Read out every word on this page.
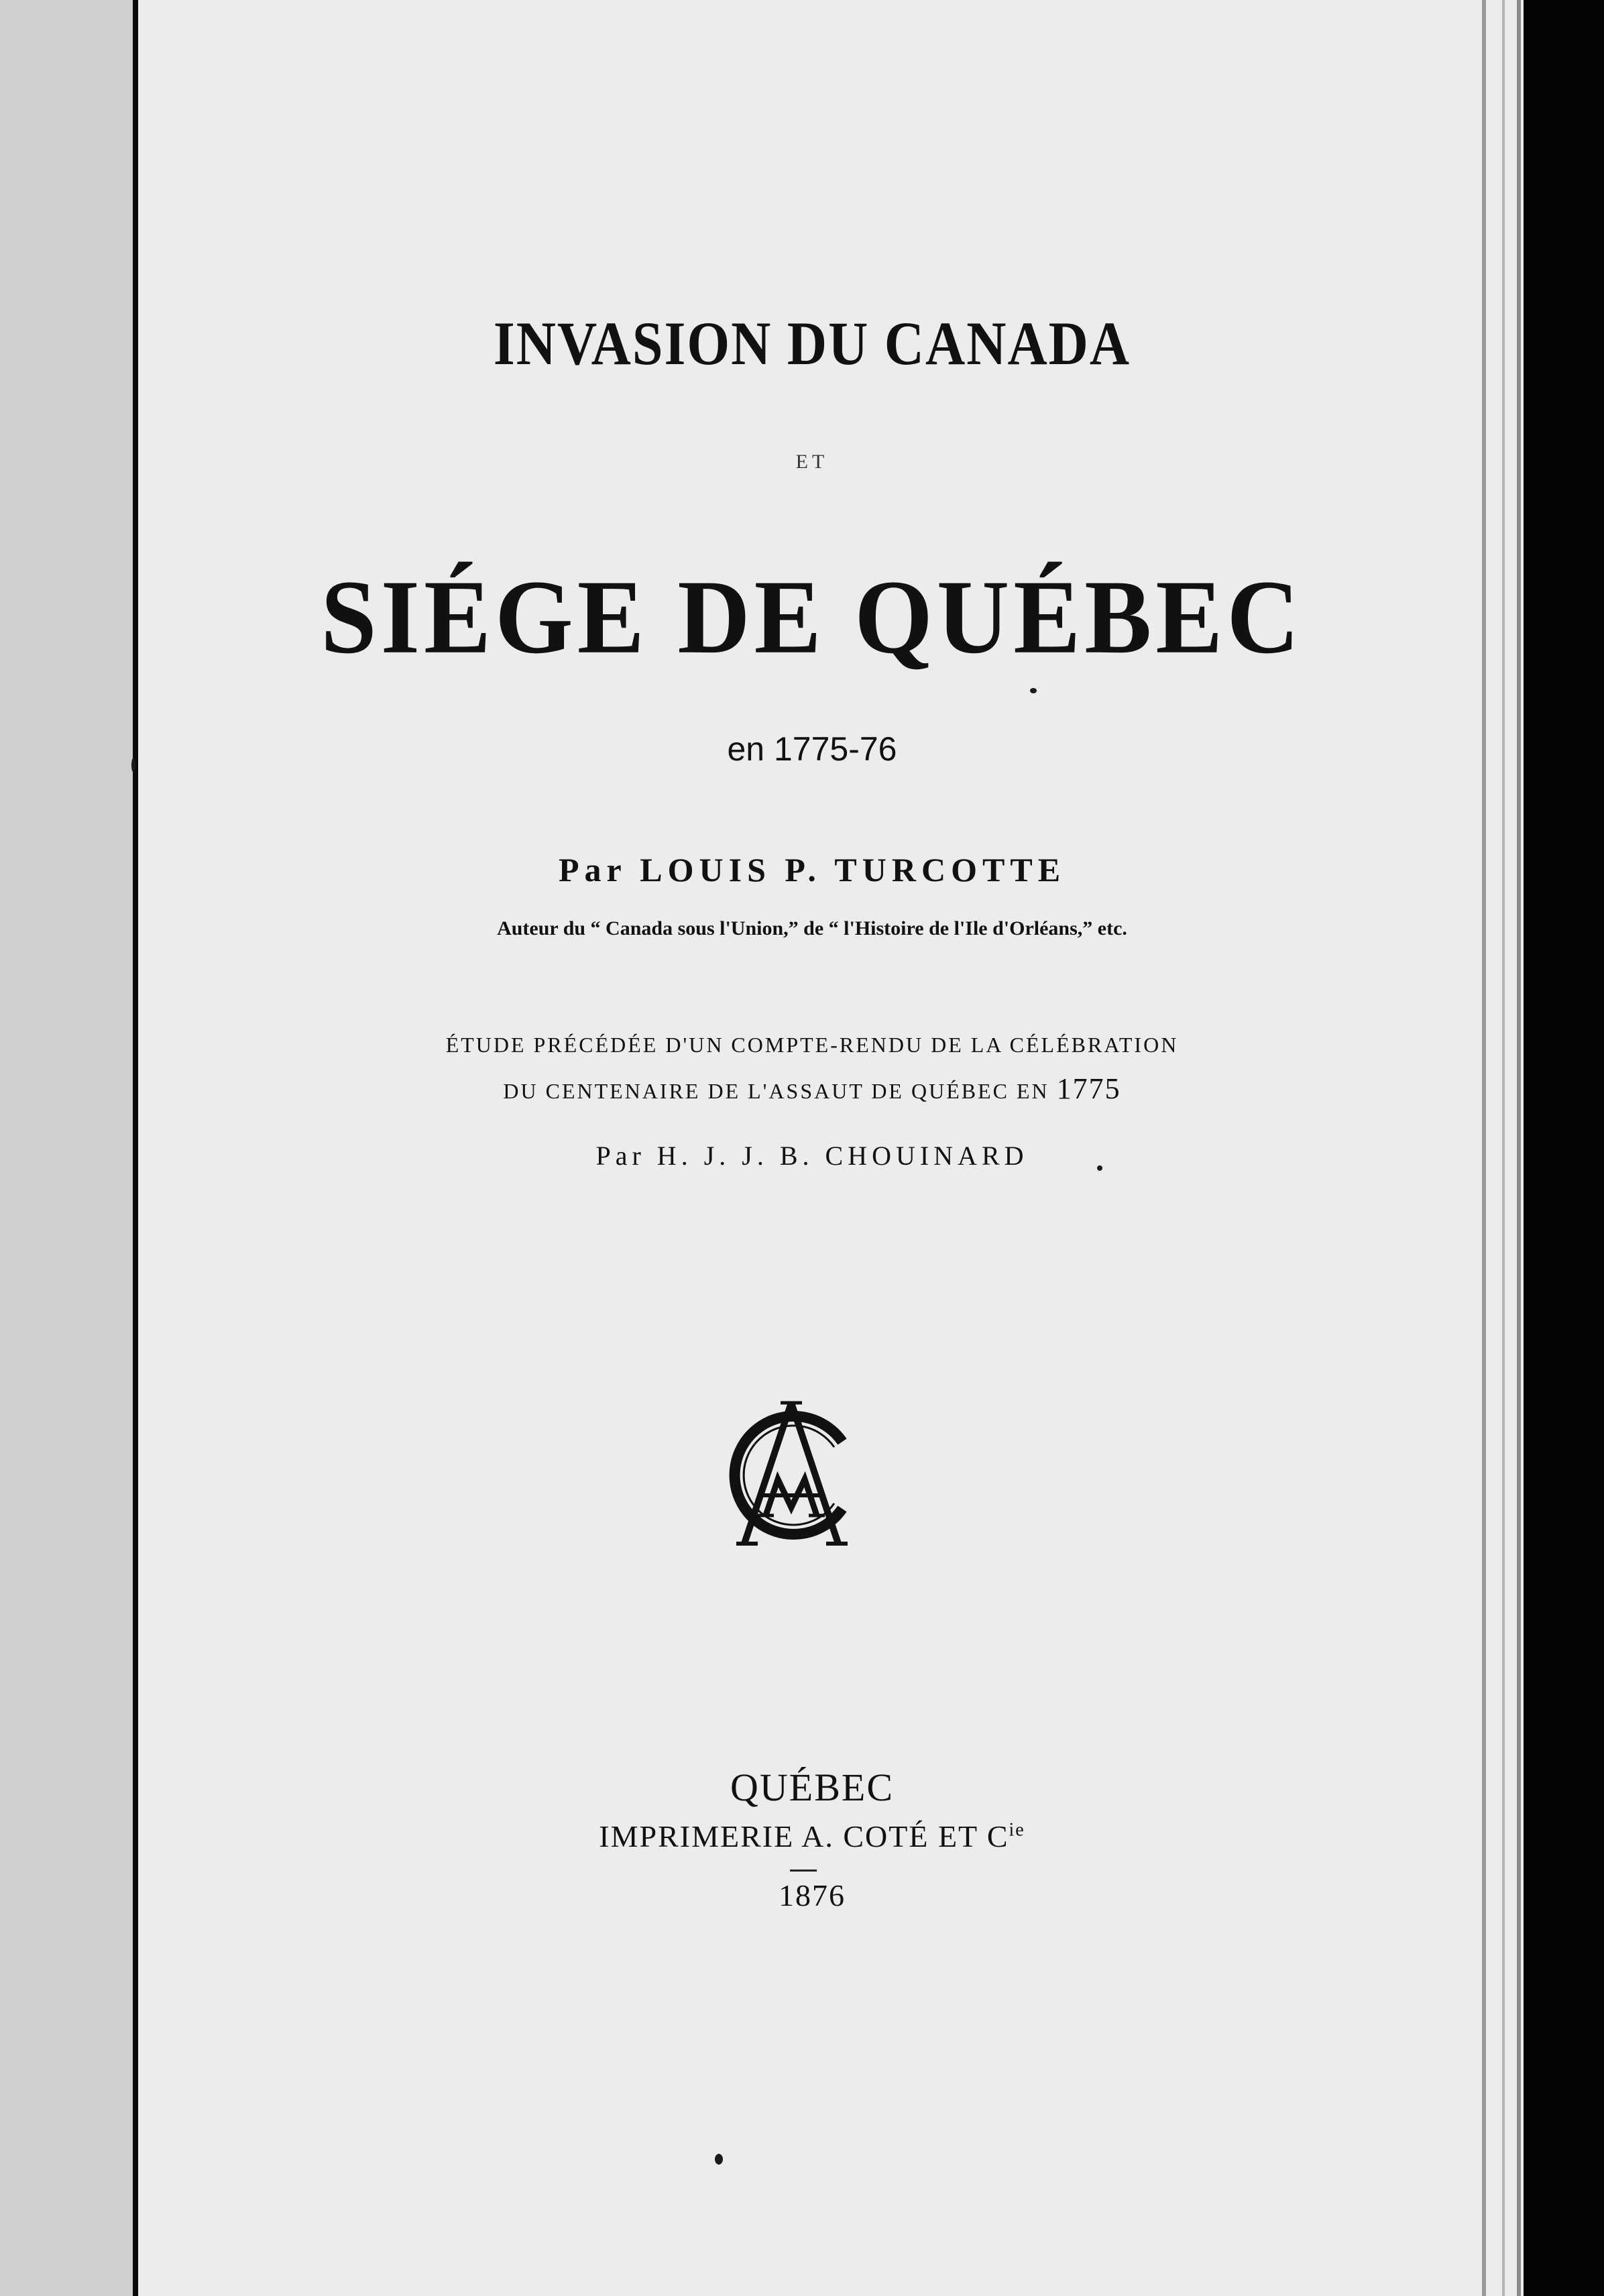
INVASION DU CANADA

ET

SIÉGE DE QUÉBEC

en 1775-76

Par LOUIS P. TURCOTTE

Auteur du “ Canada sous l'Union,” de “ l'Histoire de l'Ile d'Orléans,” etc.

ÉTUDE PRÉCÉDÉE D'UN COMPTE-RENDU DE LA CÉLÉBRATION

DU CENTENAIRE DE L'ASSAUT DE QUÉBEC EN 1775

Par H. J. J. B. CHOUINARD

QUÉBEC

IMPRIMERIE A. COTÉ ET $C^{ie}$

1876
